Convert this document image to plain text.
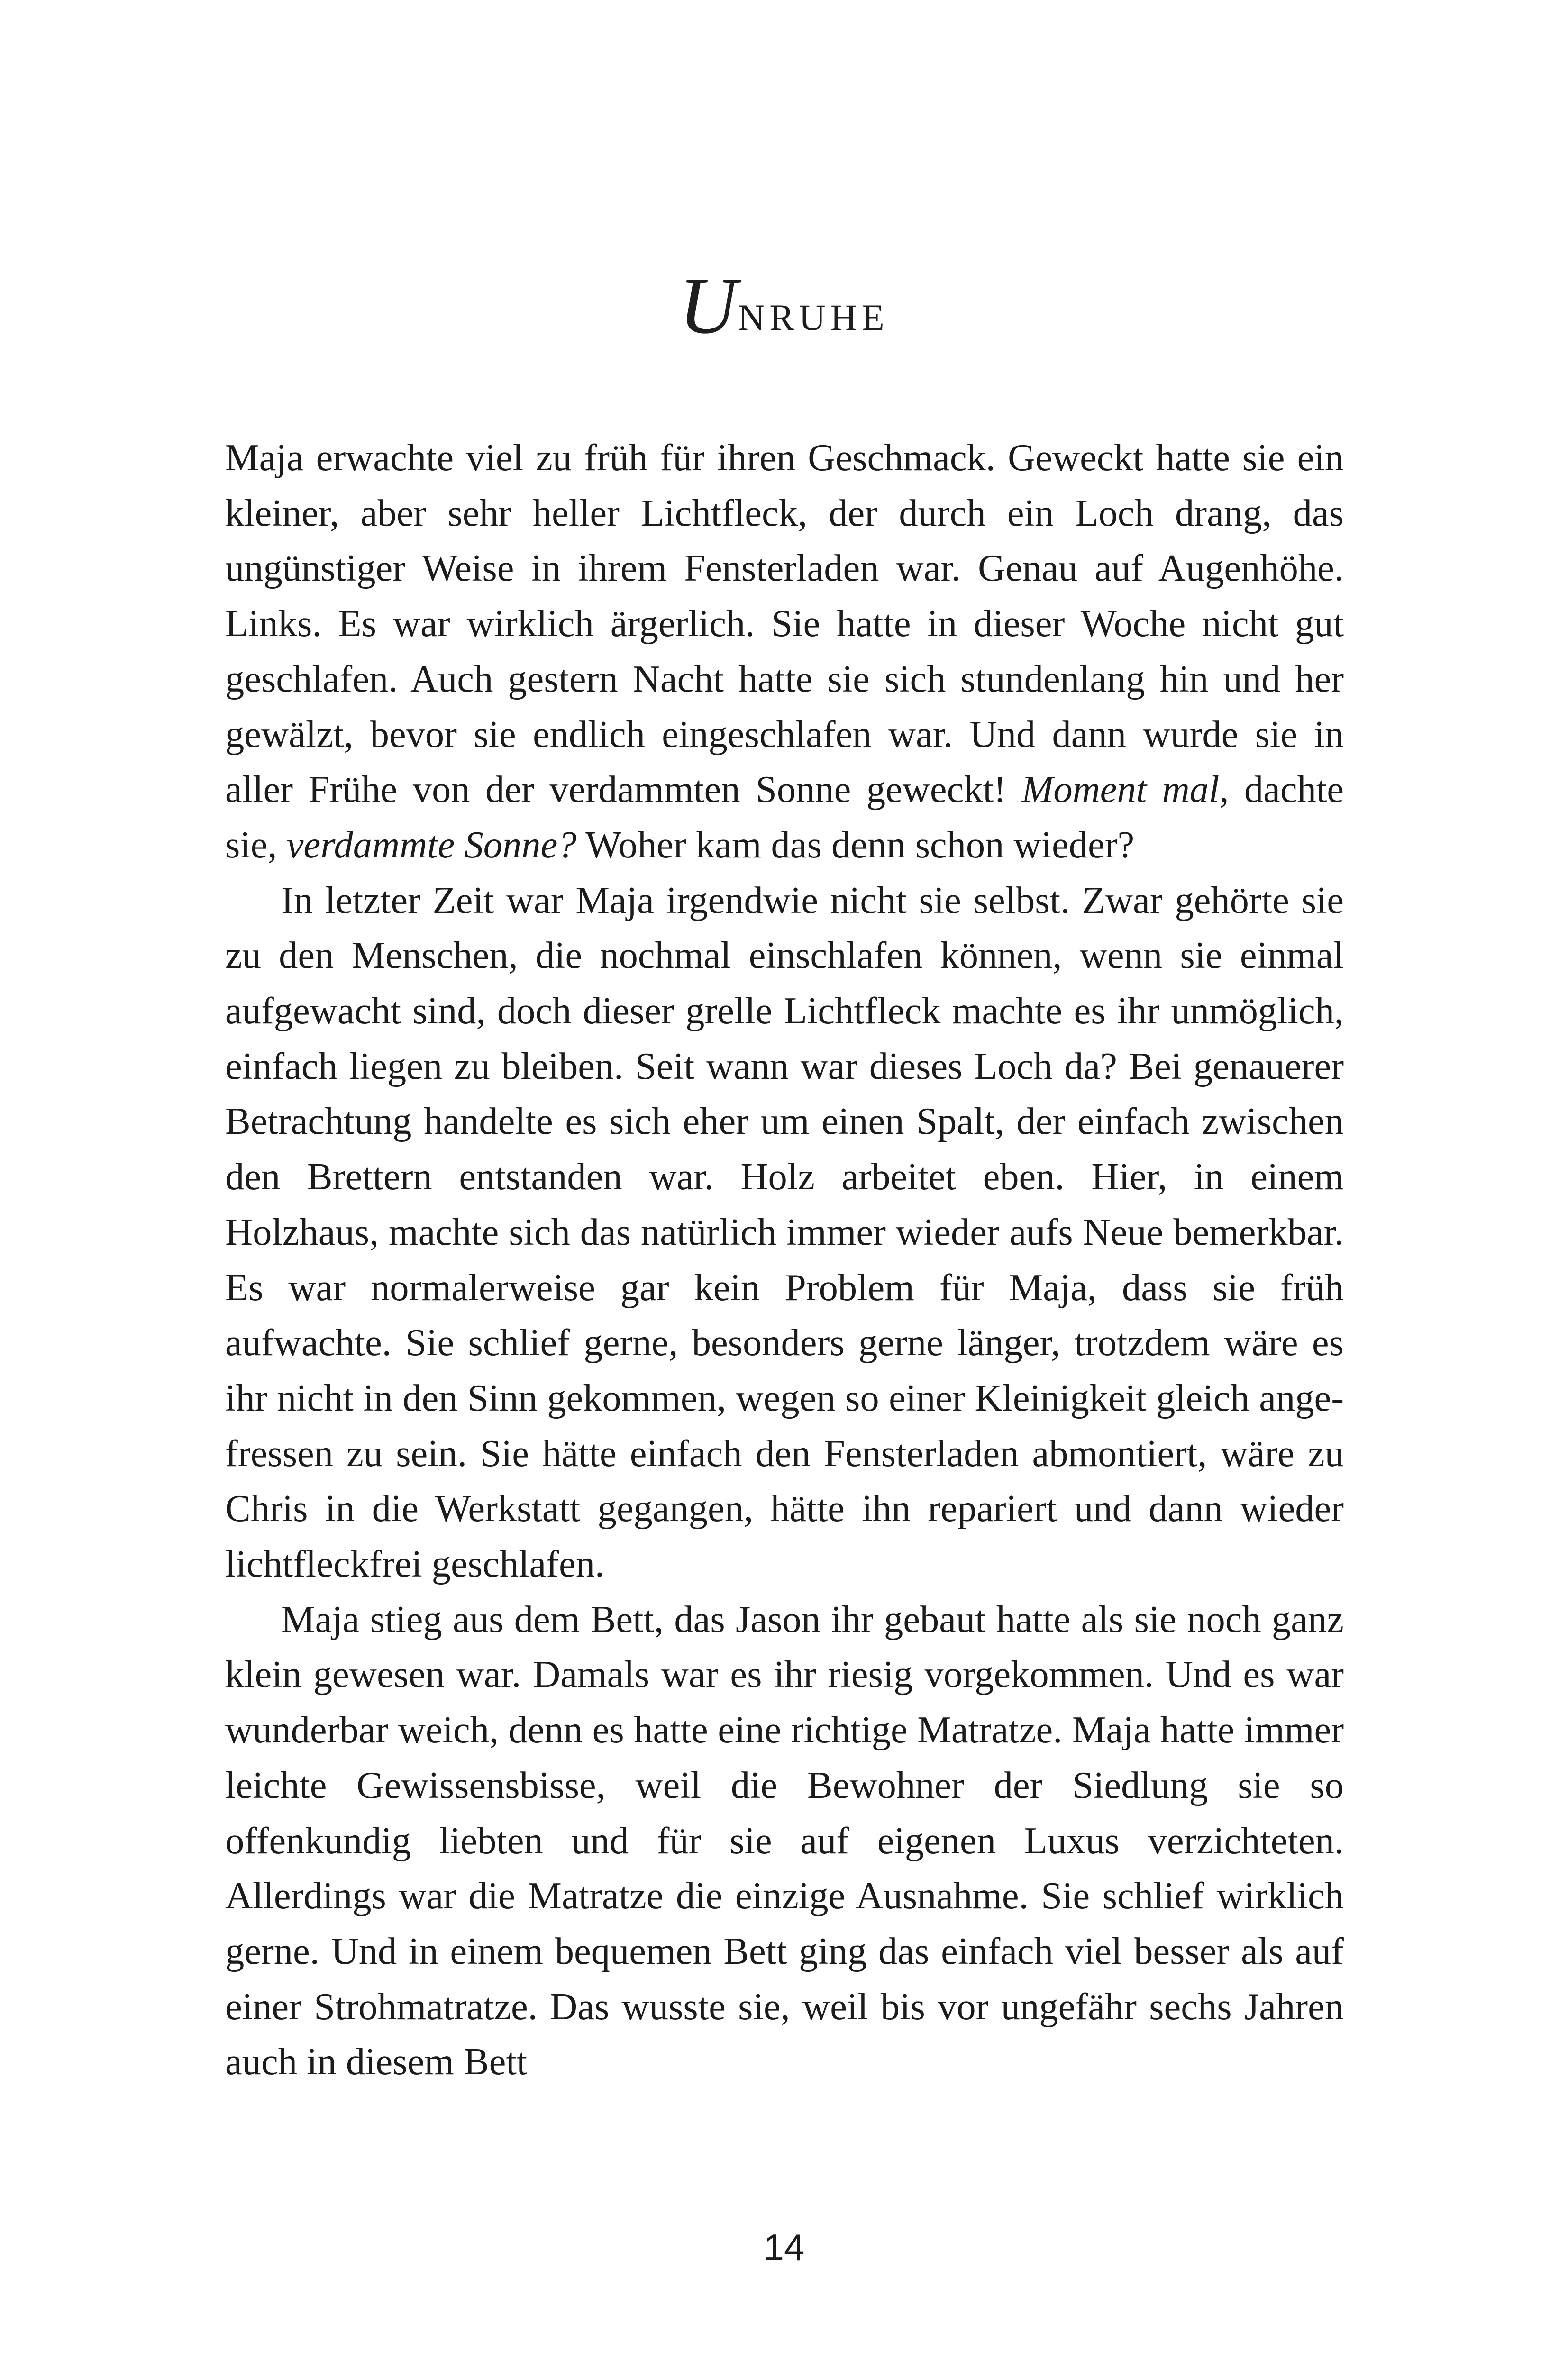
Unruhe

Maja erwachte viel zu früh für ihren Geschmack. Geweckt hatte sie ein kleiner, aber sehr heller Lichtfleck, der durch ein Loch drang, das ungünstiger Weise in ihrem Fensterladen war. Genau auf Augenhöhe. Links. Es war wirklich ärgerlich. Sie hatte in dieser Woche nicht gut geschlafen. Auch gestern Nacht hatte sie sich stundenlang hin und her gewälzt, bevor sie endlich eingeschlafen war. Und dann wurde sie in aller Frühe von der verdammten Sonne geweckt! Moment mal, dachte sie, verdammte Sonne? Woher kam das denn schon wieder?

In letzter Zeit war Maja irgendwie nicht sie selbst. Zwar gehörte sie zu den Menschen, die nochmal einschlafen können, wenn sie einmal aufgewacht sind, doch dieser grelle Lichtfleck machte es ihr unmöglich, einfach liegen zu bleiben. Seit wann war dieses Loch da? Bei genauerer Betrachtung handelte es sich eher um einen Spalt, der einfach zwischen den Brettern entstanden war. Holz arbeitet eben. Hier, in einem Holzhaus, machte sich das natürlich immer wieder aufs Neue bemerkbar. Es war normalerweise gar kein Problem für Maja, dass sie früh aufwachte. Sie schlief gerne, besonders gerne länger, trotzdem wäre es ihr nicht in den Sinn gekommen, wegen so einer Kleinigkeit gleich angefressen zu sein. Sie hätte einfach den Fensterladen abmontiert, wäre zu Chris in die Werkstatt gegangen, hätte ihn repariert und dann wieder lichtfleckfrei geschlafen.

Maja stieg aus dem Bett, das Jason ihr gebaut hatte als sie noch ganz klein gewesen war. Damals war es ihr riesig vorgekommen. Und es war wunderbar weich, denn es hatte eine richtige Matratze. Maja hatte immer leichte Gewissensbisse, weil die Bewohner der Siedlung sie so offenkundig liebten und für sie auf eigenen Luxus verzichteten. Allerdings war die Matratze die einzige Ausnahme. Sie schlief wirklich gerne. Und in einem bequemen Bett ging das einfach viel besser als auf einer Strohmatratze. Das wusste sie, weil bis vor ungefähr sechs Jahren auch in diesem Bett

14
